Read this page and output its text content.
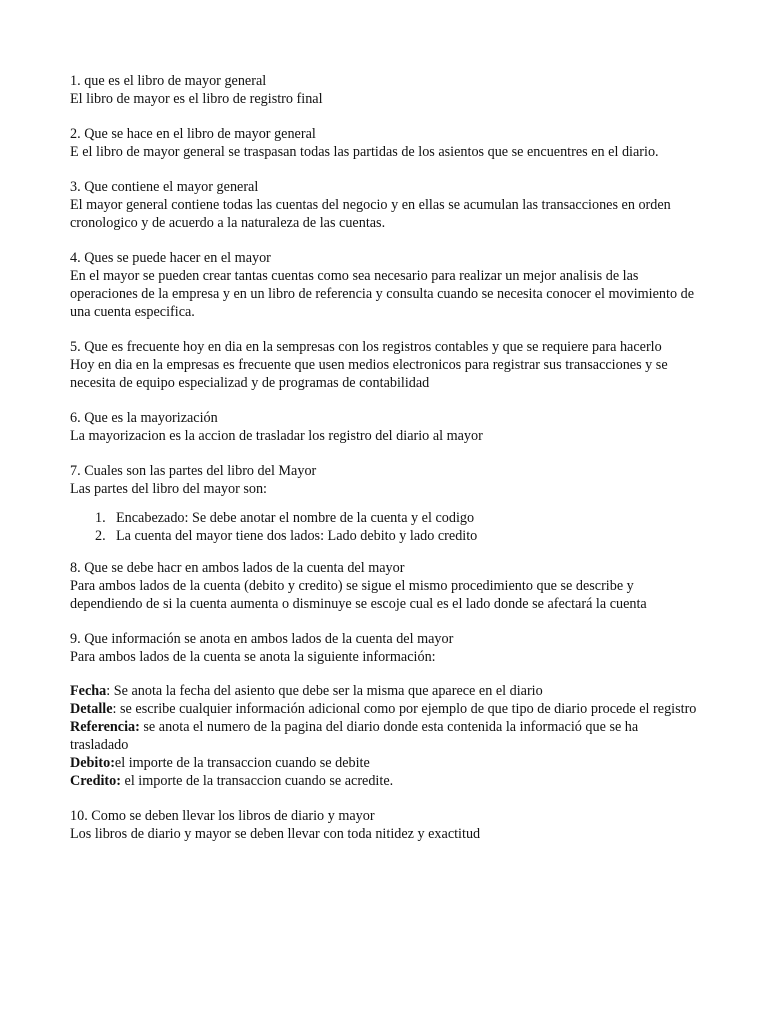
1. que es el libro de mayor general

El libro de mayor es el libro de registro final

2. Que se hace en el libro de mayor general

E el libro de mayor general se traspasan todas las partidas de los asientos que se encuentres en el diario.

3. Que contiene el mayor general

El mayor general contiene todas las cuentas del negocio y en ellas se acumulan las transacciones en orden cronologico y de acuerdo a la naturaleza de las cuentas.

4. Ques se puede hacer en el mayor

En el mayor se pueden crear tantas cuentas como sea necesario para realizar un mejor analisis de las operaciones de la empresa y en un libro de referencia y consulta cuando se necesita conocer el movimiento de una cuenta especifica.

5. Que es frecuente hoy en dia en la sempresas con los registros contables y que se requiere para hacerlo

Hoy en dia en la empresas es frecuente que usen medios electronicos para registrar sus transacciones y se necesita de equipo especializad y de programas de contabilidad

6. Que es la mayorización

La mayorizacion es la accion de trasladar los registro del diario al mayor

7. Cuales son las partes del libro del Mayor

Las partes del libro del mayor son:

1. Encabezado: Se debe anotar el nombre de la cuenta y el codigo
2. La cuenta del mayor tiene dos lados: Lado debito y lado credito

8. Que se debe hacr en ambos lados de la cuenta del mayor

Para ambos lados de la cuenta (debito y credito) se sigue el mismo procedimiento que se describe y dependiendo de si la cuenta aumenta o disminuye se escoje cual es el lado donde se afectará la cuenta

9. Que información se anota en ambos lados de la cuenta del mayor

Para ambos lados de la cuenta se anota la siguiente información:

Fecha: Se anota la fecha del asiento que debe ser la misma que aparece en el diario

Detalle: se escribe cualquier información adicional como por ejemplo de que tipo de diario procede el registro

Referencia: se anota el numero de la pagina del diario donde esta contenida la informació que se ha trasladado

Debito:el importe de la transaccion cuando se debite

Credito: el importe de la transaccion cuando se acredite.

10. Como se deben llevar los libros de diario y mayor

Los libros de diario y mayor se deben llevar con toda nitidez y exactitud
